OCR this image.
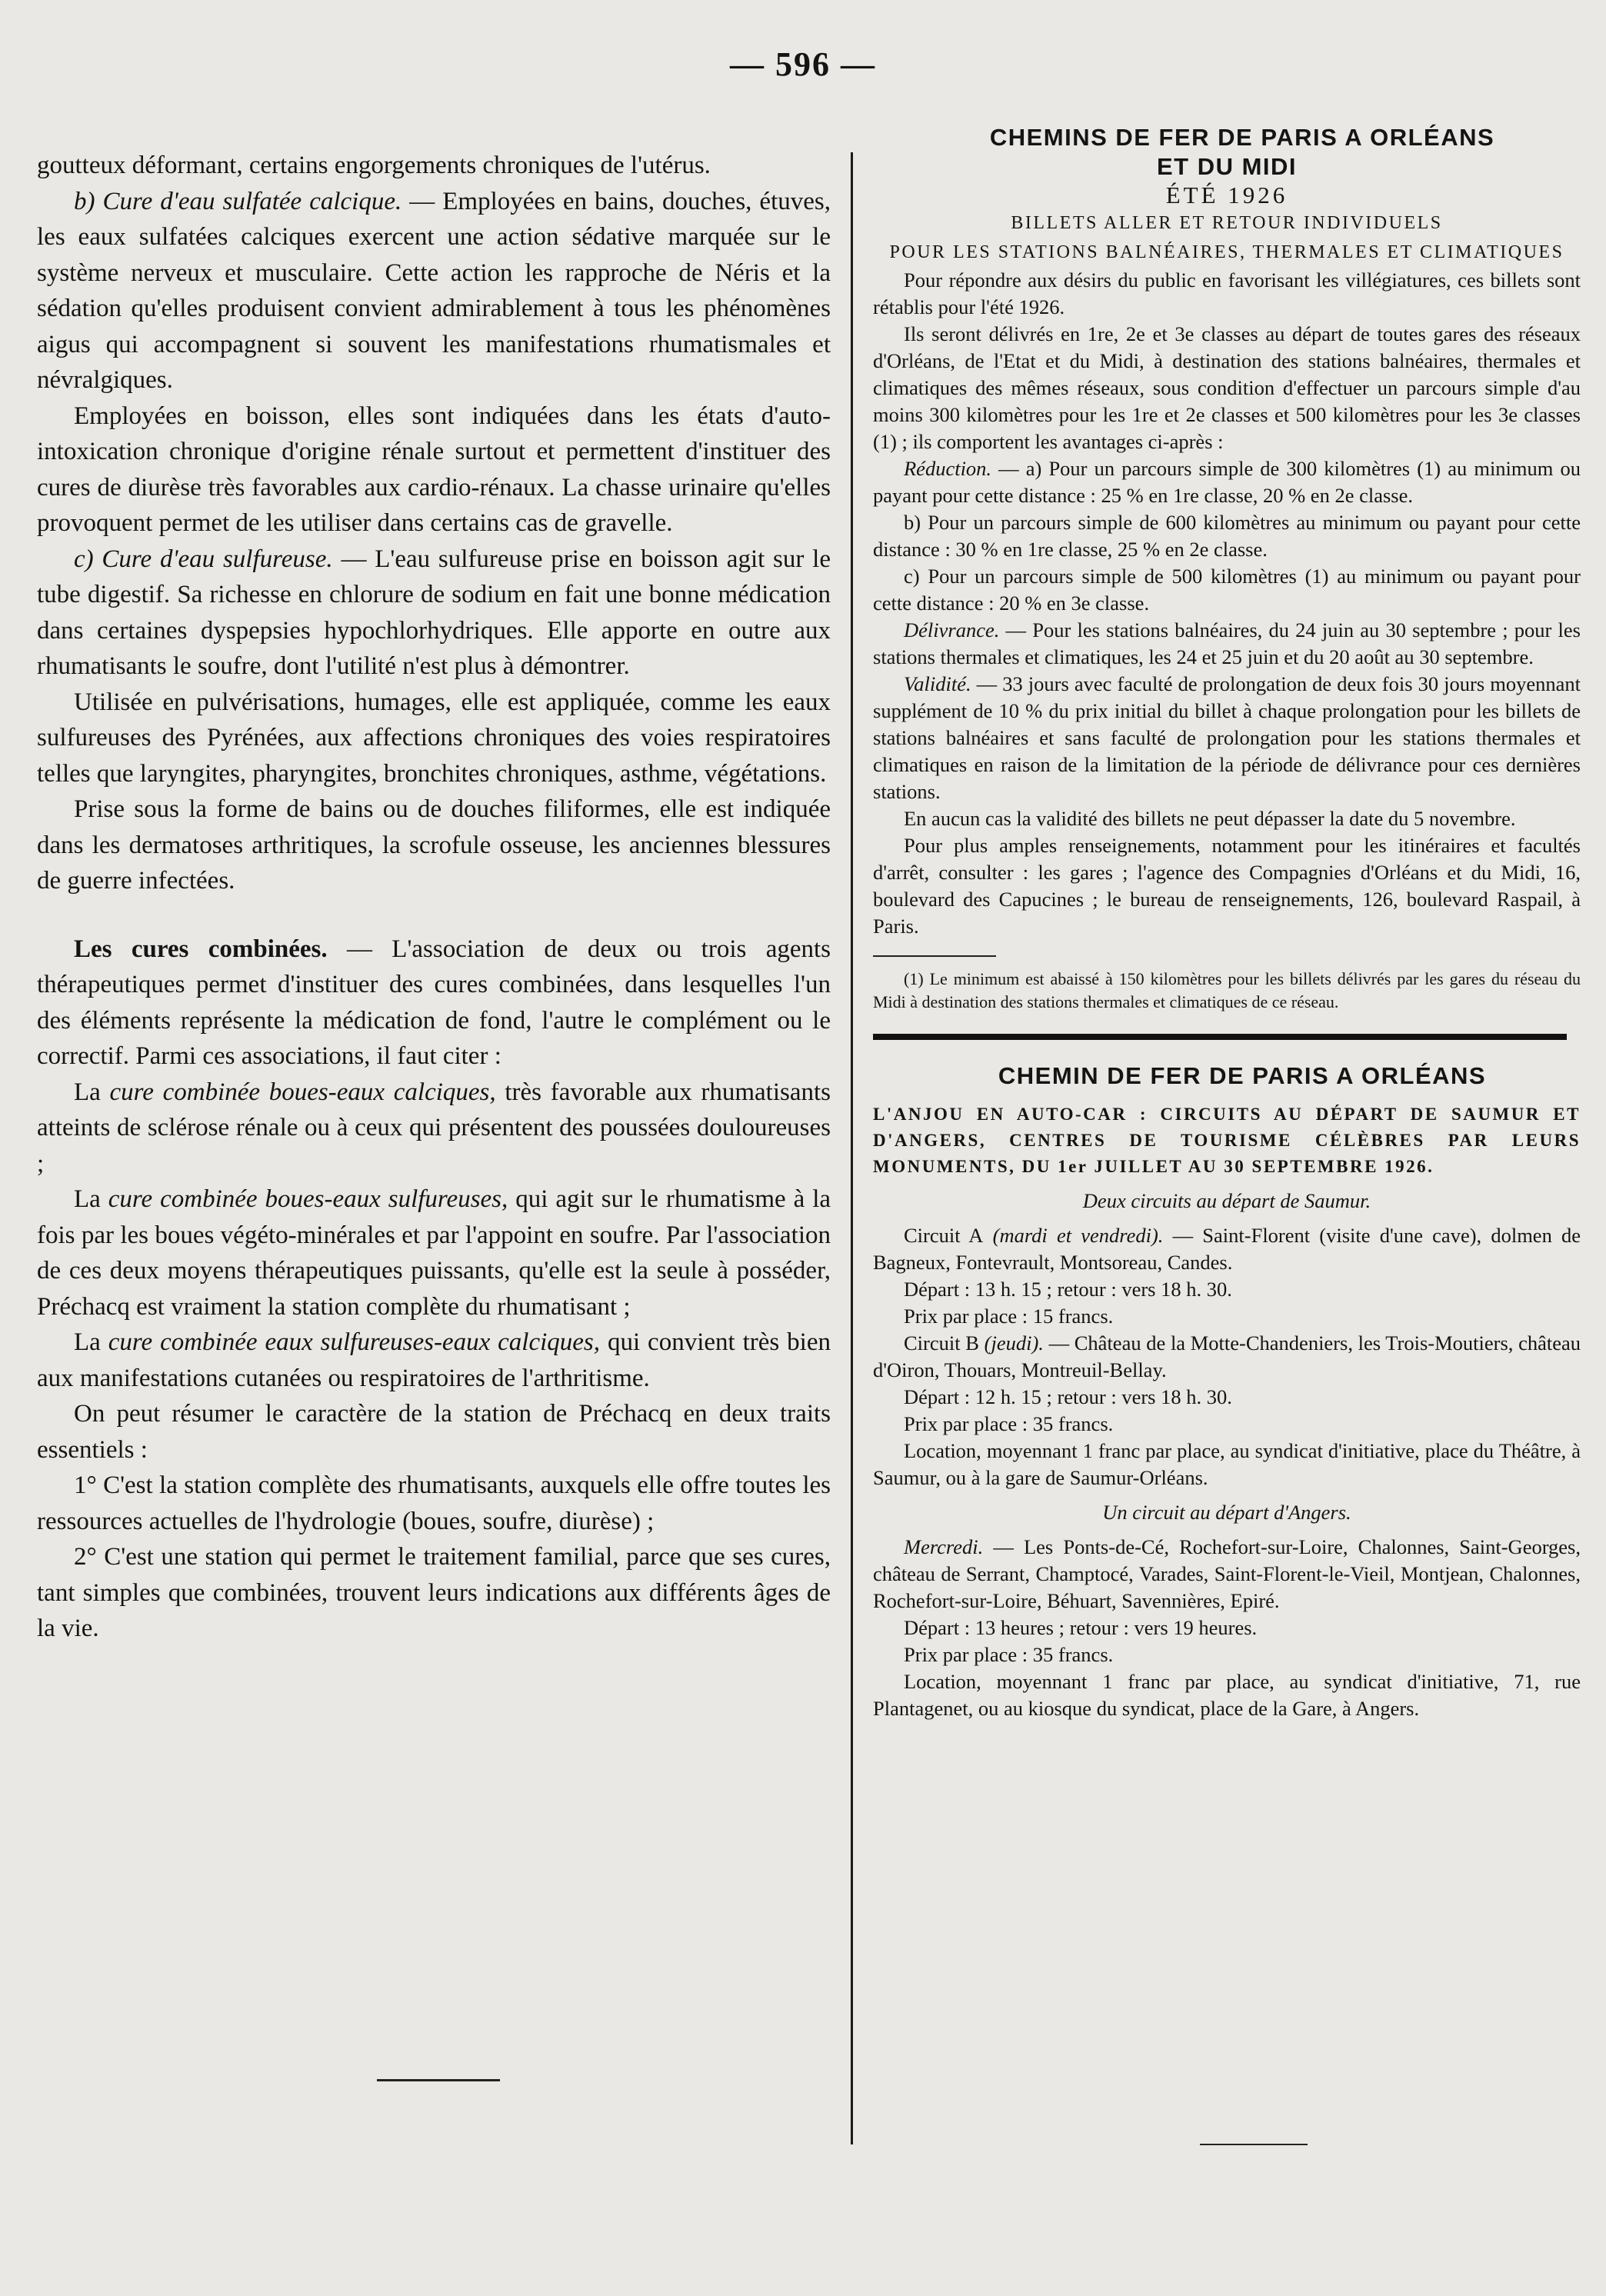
— 596 —

goutteux déformant, certains engorgements chroniques de l'utérus.

b) Cure d'eau sulfatée calcique. — Employées en bains, douches, étuves, les eaux sulfatées calciques exercent une action sédative marquée sur le système nerveux et musculaire. Cette action les rapproche de Néris et la sédation qu'elles produisent convient admirablement à tous les phénomènes aigus qui accompagnent si souvent les manifestations rhumatismales et névralgiques.

Employées en boisson, elles sont indiquées dans les états d'auto-intoxication chronique d'origine rénale surtout et permettent d'instituer des cures de diurèse très favorables aux cardio-rénaux. La chasse urinaire qu'elles provoquent permet de les utiliser dans certains cas de gravelle.

c) Cure d'eau sulfureuse. — L'eau sulfureuse prise en boisson agit sur le tube digestif. Sa richesse en chlorure de sodium en fait une bonne médication dans certaines dyspepsies hypochlorhydriques. Elle apporte en outre aux rhumatisants le soufre, dont l'utilité n'est plus à démontrer.

Utilisée en pulvérisations, humages, elle est appliquée, comme les eaux sulfureuses des Pyrénées, aux affections chroniques des voies respiratoires telles que laryngites, pharyngites, bronchites chroniques, asthme, végétations.

Prise sous la forme de bains ou de douches filiformes, elle est indiquée dans les dermatoses arthritiques, la scrofule osseuse, les anciennes blessures de guerre infectées.

Les cures combinées. — L'association de deux ou trois agents thérapeutiques permet d'instituer des cures combinées, dans lesquelles l'un des éléments représente la médication de fond, l'autre le complément ou le correctif. Parmi ces associations, il faut citer :

La cure combinée boues-eaux calciques, très favorable aux rhumatisants atteints de sclérose rénale ou à ceux qui présentent des poussées douloureuses ;

La cure combinée boues-eaux sulfureuses, qui agit sur le rhumatisme à la fois par les boues végéto-minérales et par l'appoint en soufre. Par l'association de ces deux moyens thérapeutiques puissants, qu'elle est la seule à posséder, Préchacq est vraiment la station complète du rhumatisant ;

La cure combinée eaux sulfureuses-eaux calciques, qui convient très bien aux manifestations cutanées ou respiratoires de l'arthritisme.

On peut résumer le caractère de la station de Préchacq en deux traits essentiels :

1° C'est la station complète des rhumatisants, auxquels elle offre toutes les ressources actuelles de l'hydrologie (boues, soufre, diurèse) ;

2° C'est une station qui permet le traitement familial, parce que ses cures, tant simples que combinées, trouvent leurs indications aux différents âges de la vie.

CHEMINS DE FER DE PARIS A ORLÉANS
ET DU MIDI

ÉTÉ 1926

BILLETS ALLER ET RETOUR INDIVIDUELS
POUR LES STATIONS BALNÉAIRES, THERMALES ET CLIMATIQUES

Pour répondre aux désirs du public en favorisant les villégiatures, ces billets sont rétablis pour l'été 1926.

Ils seront délivrés en 1re, 2e et 3e classes au départ de toutes gares des réseaux d'Orléans, de l'Etat et du Midi, à destination des stations balnéaires, thermales et climatiques des mêmes réseaux, sous condition d'effectuer un parcours simple d'au moins 300 kilomètres pour les 1re et 2e classes et 500 kilomètres pour les 3e classes (1) ; ils comportent les avantages ci-après :

Réduction. — a) Pour un parcours simple de 300 kilomètres (1) au minimum ou payant pour cette distance : 25 % en 1re classe, 20 % en 2e classe.

b) Pour un parcours simple de 600 kilomètres au minimum ou payant pour cette distance : 30 % en 1re classe, 25 % en 2e classe.

c) Pour un parcours simple de 500 kilomètres (1) au minimum ou payant pour cette distance : 20 % en 3e classe.

Délivrance. — Pour les stations balnéaires, du 24 juin au 30 septembre ; pour les stations thermales et climatiques, les 24 et 25 juin et du 20 août au 30 septembre.

Validité. — 33 jours avec faculté de prolongation de deux fois 30 jours moyennant supplément de 10 % du prix initial du billet à chaque prolongation pour les billets de stations balnéaires et sans faculté de prolongation pour les stations thermales et climatiques en raison de la limitation de la période de délivrance pour ces dernières stations.

En aucun cas la validité des billets ne peut dépasser la date du 5 novembre.

Pour plus amples renseignements, notamment pour les itinéraires et facultés d'arrêt, consulter : les gares ; l'agence des Compagnies d'Orléans et du Midi, 16, boulevard des Capucines ; le bureau de renseignements, 126, boulevard Raspail, à Paris.

(1) Le minimum est abaissé à 150 kilomètres pour les billets délivrés par les gares du réseau du Midi à destination des stations thermales et climatiques de ce réseau.

CHEMIN DE FER DE PARIS A ORLÉANS

L'ANJOU EN AUTO-CAR : CIRCUITS AU DÉPART DE SAUMUR ET D'ANGERS, CENTRES DE TOURISME CÉLÈBRES PAR LEURS MONUMENTS, DU 1er JUILLET AU 30 SEPTEMBRE 1926.

Deux circuits au départ de Saumur.

Circuit A (mardi et vendredi). — Saint-Florent (visite d'une cave), dolmen de Bagneux, Fontevrault, Montsoreau, Candes.

Départ : 13 h. 15 ; retour : vers 18 h. 30.

Prix par place : 15 francs.

Circuit B (jeudi). — Château de la Motte-Chandeniers, les Trois-Moutiers, château d'Oiron, Thouars, Montreuil-Bellay.

Départ : 12 h. 15 ; retour : vers 18 h. 30.

Prix par place : 35 francs.

Location, moyennant 1 franc par place, au syndicat d'initiative, place du Théâtre, à Saumur, ou à la gare de Saumur-Orléans.

Un circuit au départ d'Angers.

Mercredi. — Les Ponts-de-Cé, Rochefort-sur-Loire, Chalonnes, Saint-Georges, château de Serrant, Champtocé, Varades, Saint-Florent-le-Vieil, Montjean, Chalonnes, Rochefort-sur-Loire, Béhuart, Savennières, Epiré.

Départ : 13 heures ; retour : vers 19 heures.

Prix par place : 35 francs.

Location, moyennant 1 franc par place, au syndicat d'initiative, 71, rue Plantagenet, ou au kiosque du syndicat, place de la Gare, à Angers.
